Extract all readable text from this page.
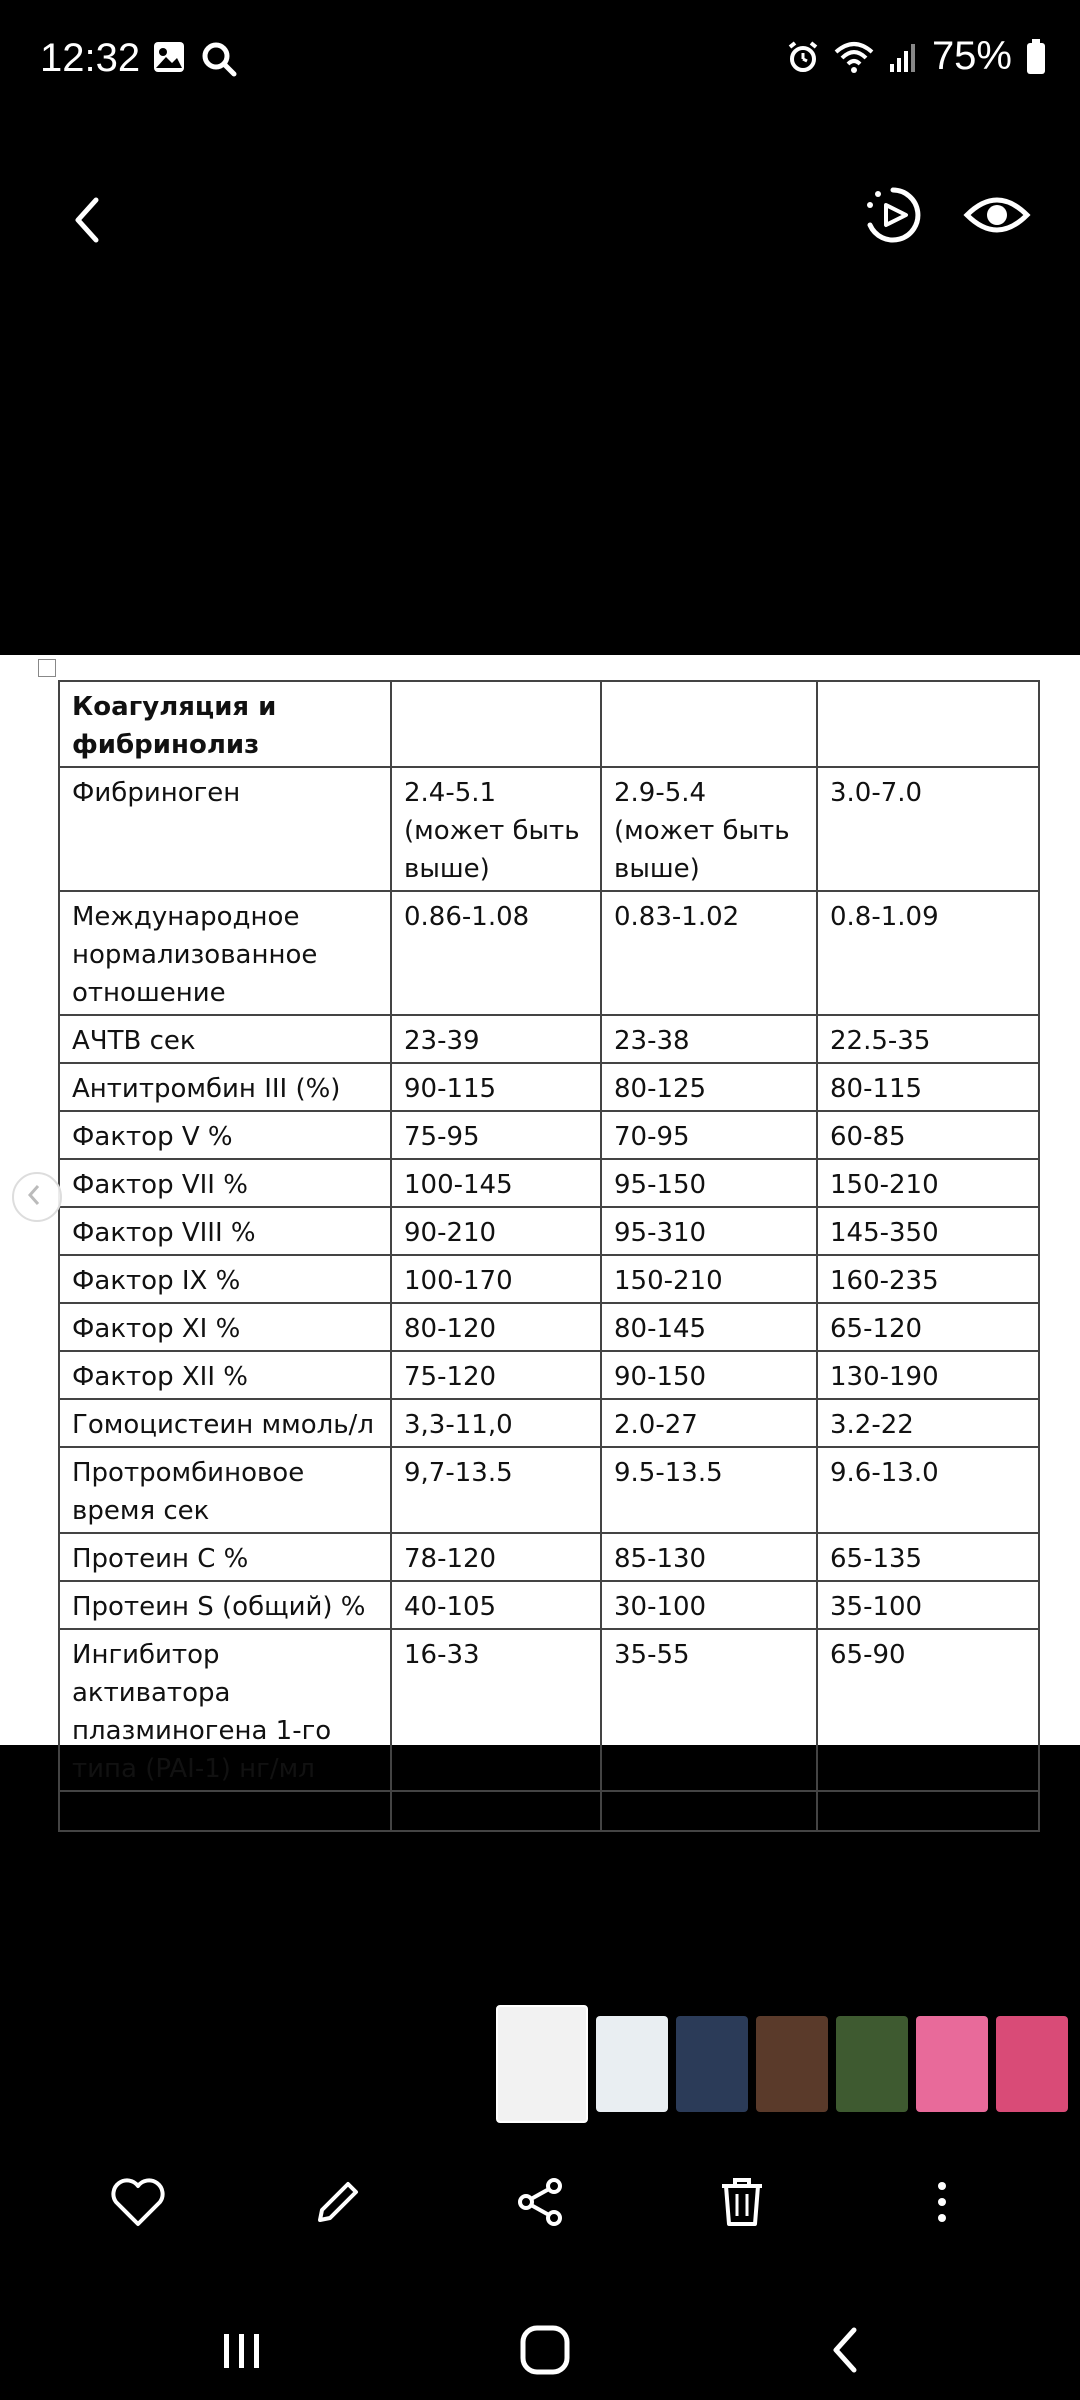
12:32	75%
Коагуляция и фибринолиз			
Фибриноген	2.4-5.1 (может быть выше)	2.9-5.4 (может быть выше)	3.0-7.0
Международное нормализованное отношение	0.86-1.08	0.83-1.02	0.8-1.09
АЧТВ сек	23-39	23-38	22.5-35
Антитромбин III (%)	90-115	80-125	80-115
Фактор V %	75-95	70-95	60-85
Фактор VII %	100-145	95-150	150-210
Фактор VIII %	90-210	95-310	145-350
Фактор IX %	100-170	150-210	160-235
Фактор XI %	80-120	80-145	65-120
Фактор XII %	75-120	90-150	130-190
Гомоцистеин ммоль/л	3,3-11,0	2.0-27	3.2-22
Протромбиновое время сек	9,7-13.5	9.5-13.5	9.6-13.0
Протеин С %	78-120	85-130	65-135
Протеин S (общий) %	40-105	30-100	35-100
Ингибитор активатора плазминогена 1-го типа (PAI-1) нг/мл	16-33	35-55	65-90
